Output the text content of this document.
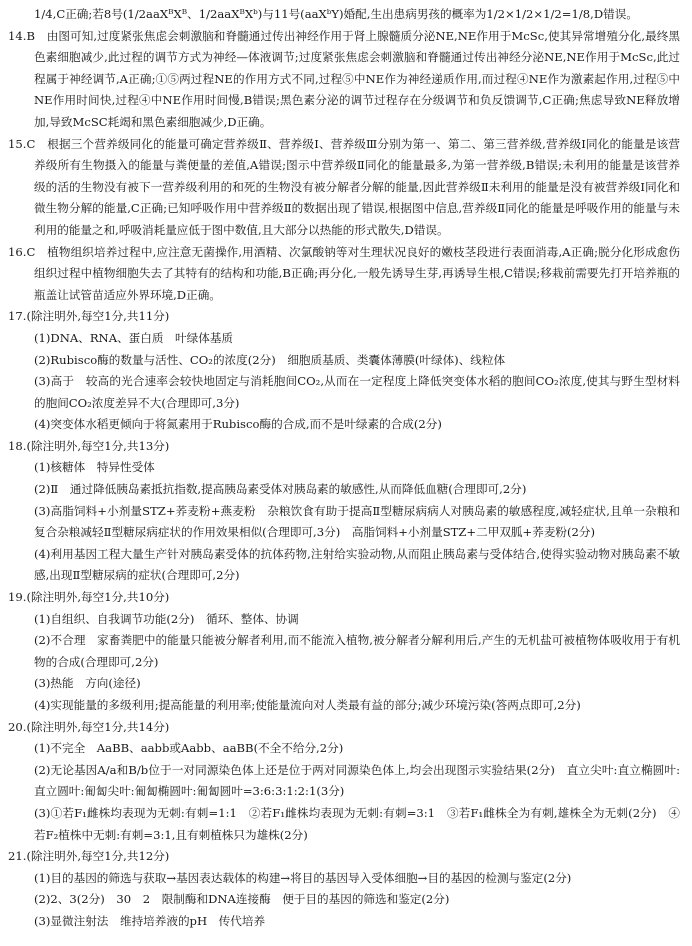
1/4,C正确;若8号(1/2aaXᴮXᴮ、1/2aaXᴮXᵇ)与11号(aaXᵇY)婚配,生出患病男孩的概率为1/2×1/2×1/2=1/8,D错误。

14.B　由图可知,过度紧张焦虑会刺激脑和脊髓通过传出神经作用于肾上腺髓质分泌NE,NE作用于McSc,使其异常增殖分化,最终黑色素细胞减少,此过程的调节方式为神经—体液调节;过度紧张焦虑会刺激脑和脊髓通过传出神经分泌NE,NE作用于McSc,此过程属于神经调节,A正确;①⑤两过程NE的作用方式不同,过程⑤中NE作为神经递质作用,而过程④NE作为激素起作用,过程⑤中NE作用时间快,过程④中NE作用时间慢,B错误;黑色素分泌的调节过程存在分级调节和负反馈调节,C正确;焦虑导致NE释放增加,导致McSC耗竭和黑色素细胞减少,D正确。

15.C　根据三个营养级同化的能量可确定营养级Ⅱ、营养级Ⅰ、营养级Ⅲ分别为第一、第二、第三营养级,营养级Ⅰ同化的能量是该营养级所有生物摄入的能量与粪便量的差值,A错误;图示中营养级Ⅱ同化的能量最多,为第一营养级,B错误;未利用的能量是该营养级的活的生物没有被下一营养级利用的和死的生物没有被分解者分解的能量,因此营养级Ⅱ未利用的能量是没有被营养级Ⅰ同化和微生物分解的能量,C正确;已知呼吸作用中营养级Ⅱ的数据出现了错误,根据图中信息,营养级Ⅱ同化的能量是呼吸作用的能量与未利用的能量之和,呼吸消耗量应低于图中数值,且大部分以热能的形式散失,D错误。

16.C　植物组织培养过程中,应注意无菌操作,用酒精、次氯酸钠等对生理状况良好的嫩枝茎段进行表面消毒,A正确;脱分化形成愈伤组织过程中植物细胞失去了其特有的结构和功能,B正确;再分化,一般先诱导生芽,再诱导生根,C错误;移栽前需要先打开培养瓶的瓶盖让试管苗适应外界环境,D正确。

17.(除注明外,每空1分,共11分)

(1)DNA、RNA、蛋白质　叶绿体基质

(2)Rubisco酶的数量与活性、CO₂的浓度(2分)　细胞质基质、类囊体薄膜(叶绿体)、线粒体

(3)高于　较高的光合速率会较快地固定与消耗胞间CO₂,从而在一定程度上降低突变体水稻的胞间CO₂浓度,使其与野生型材料的胞间CO₂浓度差异不大(合理即可,3分)

(4)突变体水稻更倾向于将氮素用于Rubisco酶的合成,而不是叶绿素的合成(2分)

18.(除注明外,每空1分,共13分)

(1)核糖体　特异性受体

(2)Ⅱ　通过降低胰岛素抵抗指数,提高胰岛素受体对胰岛素的敏感性,从而降低血糖(合理即可,2分)

(3)高脂饲料+小剂量STZ+荞麦粉+燕麦粉　杂粮饮食有助于提高Ⅱ型糖尿病病人对胰岛素的敏感程度,减轻症状,且单一杂粮和复合杂粮减轻Ⅱ型糖尿病症状的作用效果相似(合理即可,3分)　高脂饲料+小剂量STZ+二甲双胍+荞麦粉(2分)

(4)利用基因工程大量生产针对胰岛素受体的抗体药物,注射给实验动物,从而阻止胰岛素与受体结合,使得实验动物对胰岛素不敏感,出现Ⅱ型糖尿病的症状(合理即可,2分)

19.(除注明外,每空1分,共10分)

(1)自组织、自我调节功能(2分)　循环、整体、协调

(2)不合理　家畜粪肥中的能量只能被分解者利用,而不能流入植物,被分解者分解利用后,产生的无机盐可被植物体吸收用于有机物的合成(合理即可,2分)

(3)热能　方向(途径)

(4)实现能量的多级利用;提高能量的利用率;使能量流向对人类最有益的部分;减少环境污染(答两点即可,2分)

20.(除注明外,每空1分,共14分)

(1)不完全　AaBB、aabb或Aabb、aaBB(不全不给分,2分)

(2)无论基因A/a和B/b位于一对同源染色体上还是位于两对同源染色体上,均会出现图示实验结果(2分)　直立尖叶:直立椭圆叶:直立圆叶:匍匐尖叶:匍匐椭圆叶:匍匐圆叶=3:6:3:1:2:1(3分)

(3)①若F₁雌株均表现为无刺:有刺=1:1　②若F₁雌株均表现为无刺:有刺=3:1　③若F₁雌株全为有刺,雄株全为无刺(2分)　④若F₂植株中无刺:有刺=3:1,且有刺植株只为雄株(2分)

21.(除注明外,每空1分,共12分)

(1)目的基因的筛选与获取→基因表达载体的构建→将目的基因导入受体细胞→目的基因的检测与鉴定(2分)

(2)2、3(2分)　30　2　限制酶和DNA连接酶　便于目的基因的筛选和鉴定(2分)

(3)显微注射法　维持培养液的pH　传代培养
